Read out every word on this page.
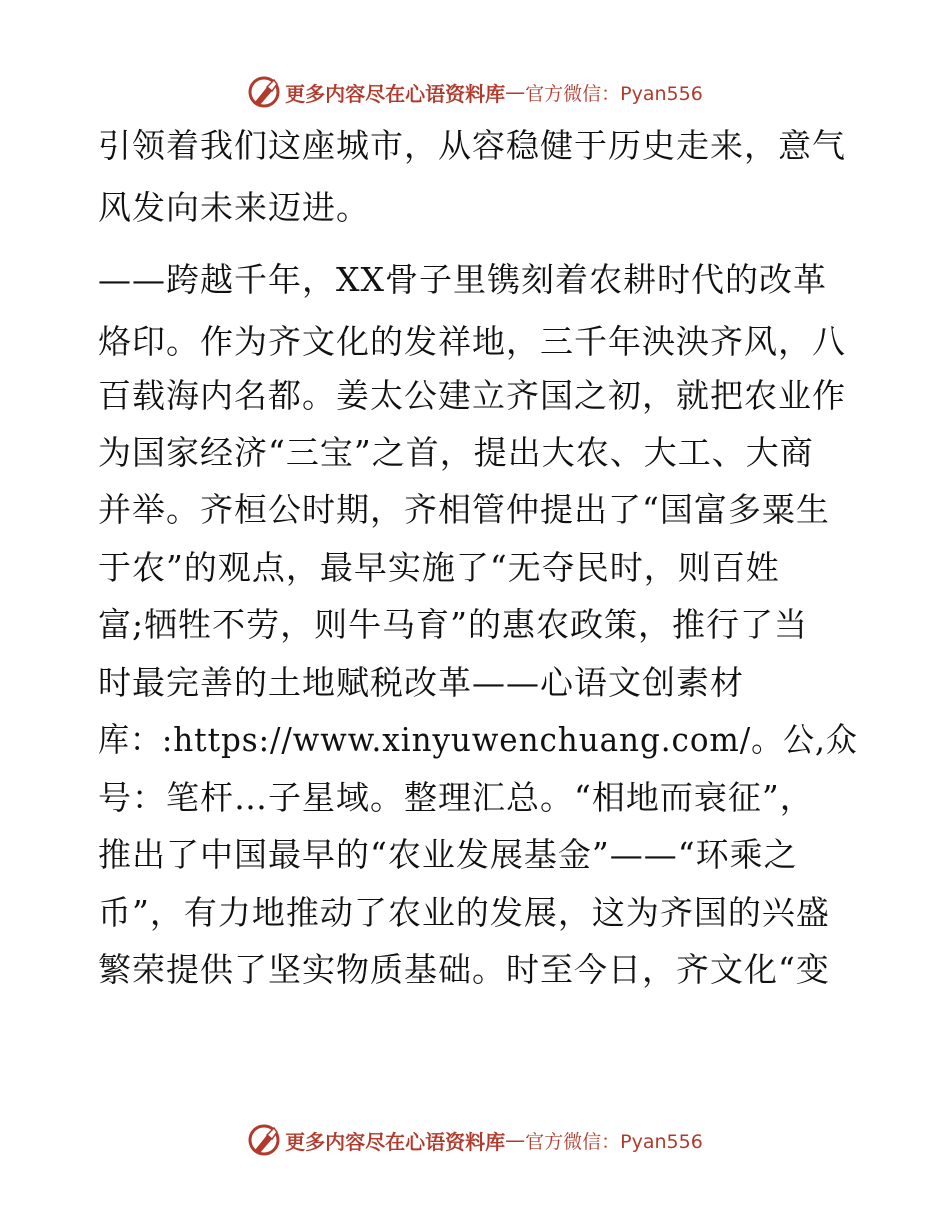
更多内容尽在心语资料库 — 官方微信：Pyan556
引领着我们这座城市，从容稳健于历史走来，意气
风发向未来迈进。
——跨越千年，XX骨子里镌刻着农耕时代的改革
烙印。作为齐文化的发祥地，三千年泱泱齐风，八
百载海内名都。姜太公建立齐国之初，就把农业作
为国家经济“三宝”之首，提出大农、大工、大商
并举。齐桓公时期，齐相管仲提出了“国富多粟生
于农”的观点，最早实施了“无夺民时，则百姓
富;牺牲不劳，则牛马育”的惠农政策，推行了当
时最完善的土地赋税改革——心语文创素材
库：:https://www.xinyuwenchuang.com/。公,众
号：笔杆…子星域。整理汇总。“相地而衰征”，
推出了中国最早的“农业发展基金”——“环乘之
币”，有力地推动了农业的发展，这为齐国的兴盛
繁荣提供了坚实物质基础。时至今日，齐文化“变
更多内容尽在心语资料库 — 官方微信：Pyan556
